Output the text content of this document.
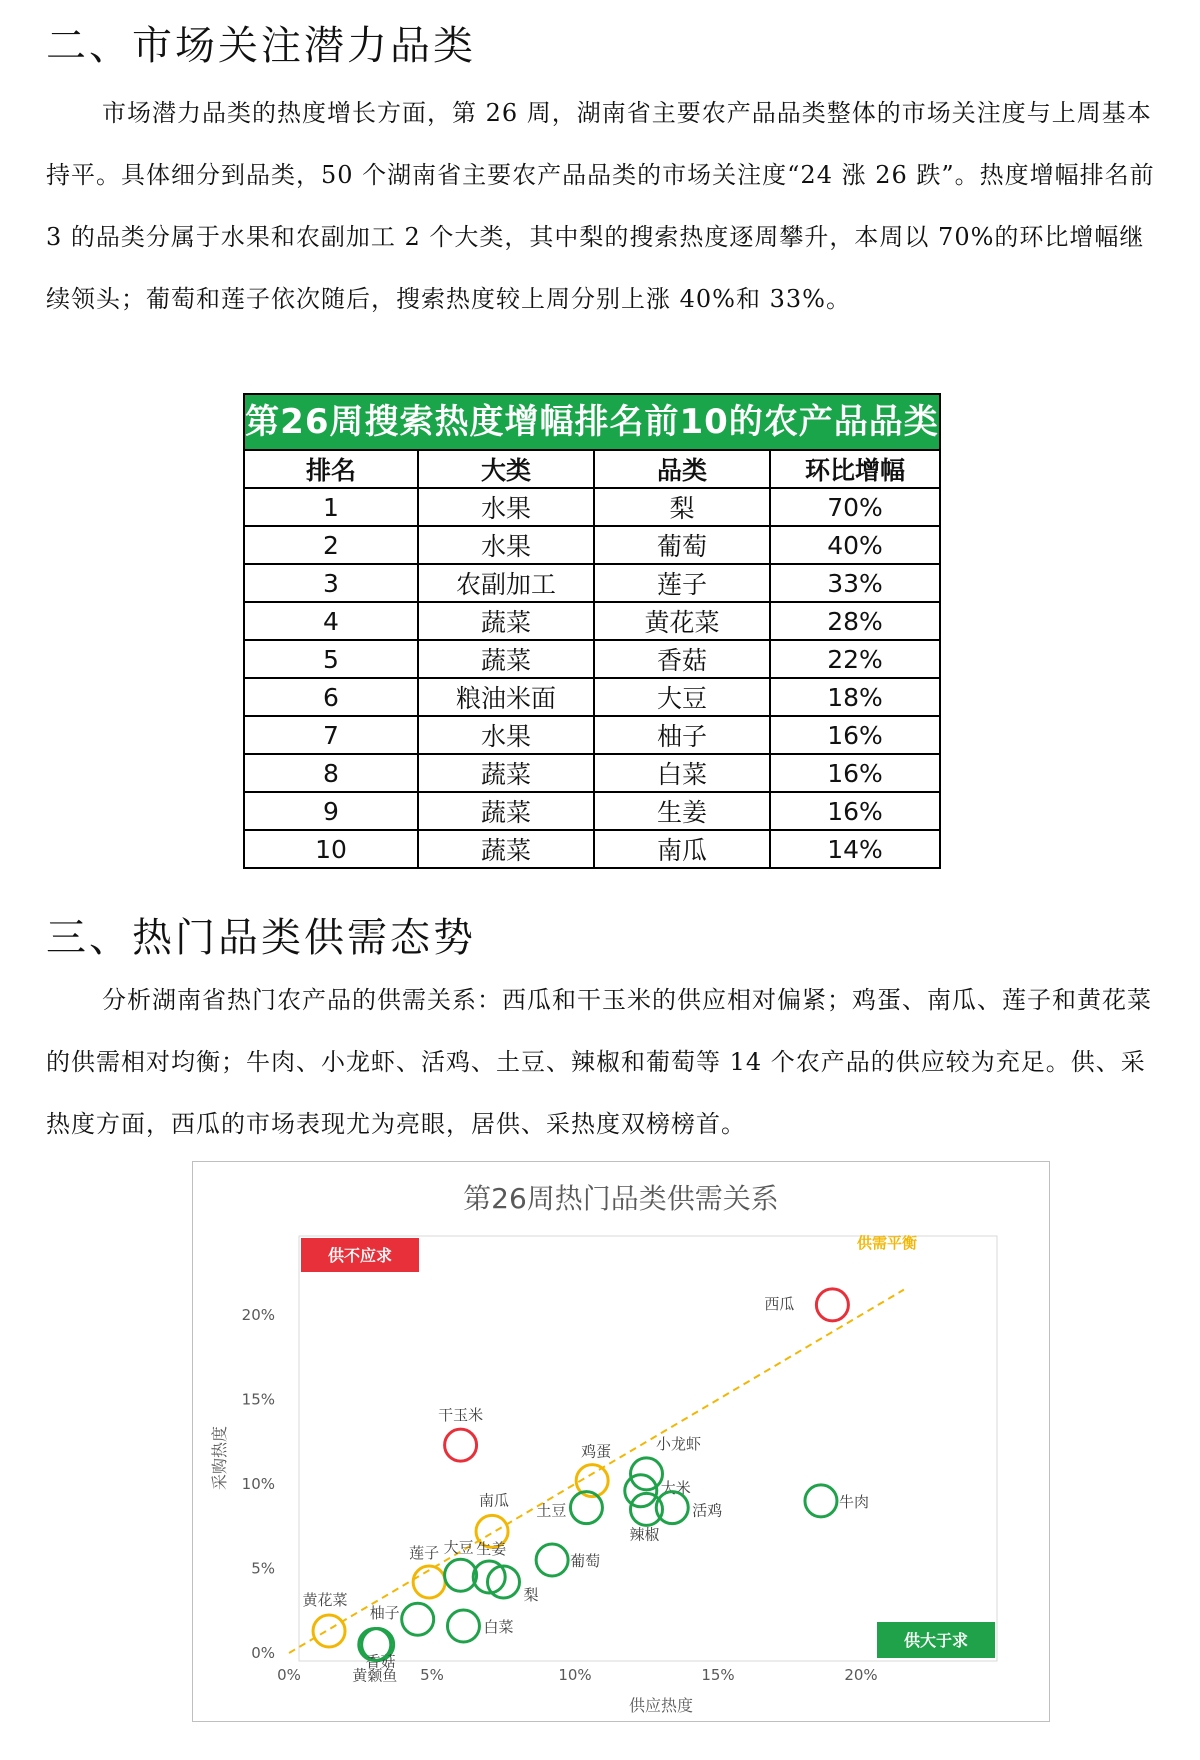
二、市场关注潜力品类

市场潜力品类的热度增长方面，第 26 周，湖南省主要农产品品类整体的市场关注度与上周基本持平。具体细分到品类，50 个湖南省主要农产品品类的市场关注度“24 涨 26 跌”。热度增幅排名前 3 的品类分属于水果和农副加工 2 个大类，其中梨的搜索热度逐周攀升，本周以 70%的环比增幅继续领头；葡萄和莲子依次随后，搜索热度较上周分别上涨 40%和 33%。

第26周搜索热度增幅排名前10的农产品品类
排名	大类	品类	环比增幅
1	水果	梨	70%
2	水果	葡萄	40%
3	农副加工	莲子	33%
4	蔬菜	黄花菜	28%
5	蔬菜	香菇	22%
6	粮油米面	大豆	18%
7	水果	柚子	16%
8	蔬菜	白菜	16%
9	蔬菜	生姜	16%
10	蔬菜	南瓜	14%
三、热门品类供需态势

分析湖南省热门农产品的供需关系：西瓜和干玉米的供应相对偏紧；鸡蛋、南瓜、莲子和黄花菜的供需相对均衡；牛肉、小龙虾、活鸡、土豆、辣椒和葡萄等 14 个农产品的供应较为充足。供、采热度方面，西瓜的市场表现尤为亮眼，居供、采热度双榜榜首。

第26周热门品类供需关系
0%	5%	10%	15%	20%
0%
5%
10%
15%
20%
供需平衡
西瓜
干玉米
鸡蛋
南瓜
莲子
黄花菜
小龙虾
大米
活鸡
辣椒
土豆	牛肉
葡萄
大豆 生姜
梨
柚子
白菜
香菇
黄颡鱼
供不应求
供大于求
供应热度
采购热度
